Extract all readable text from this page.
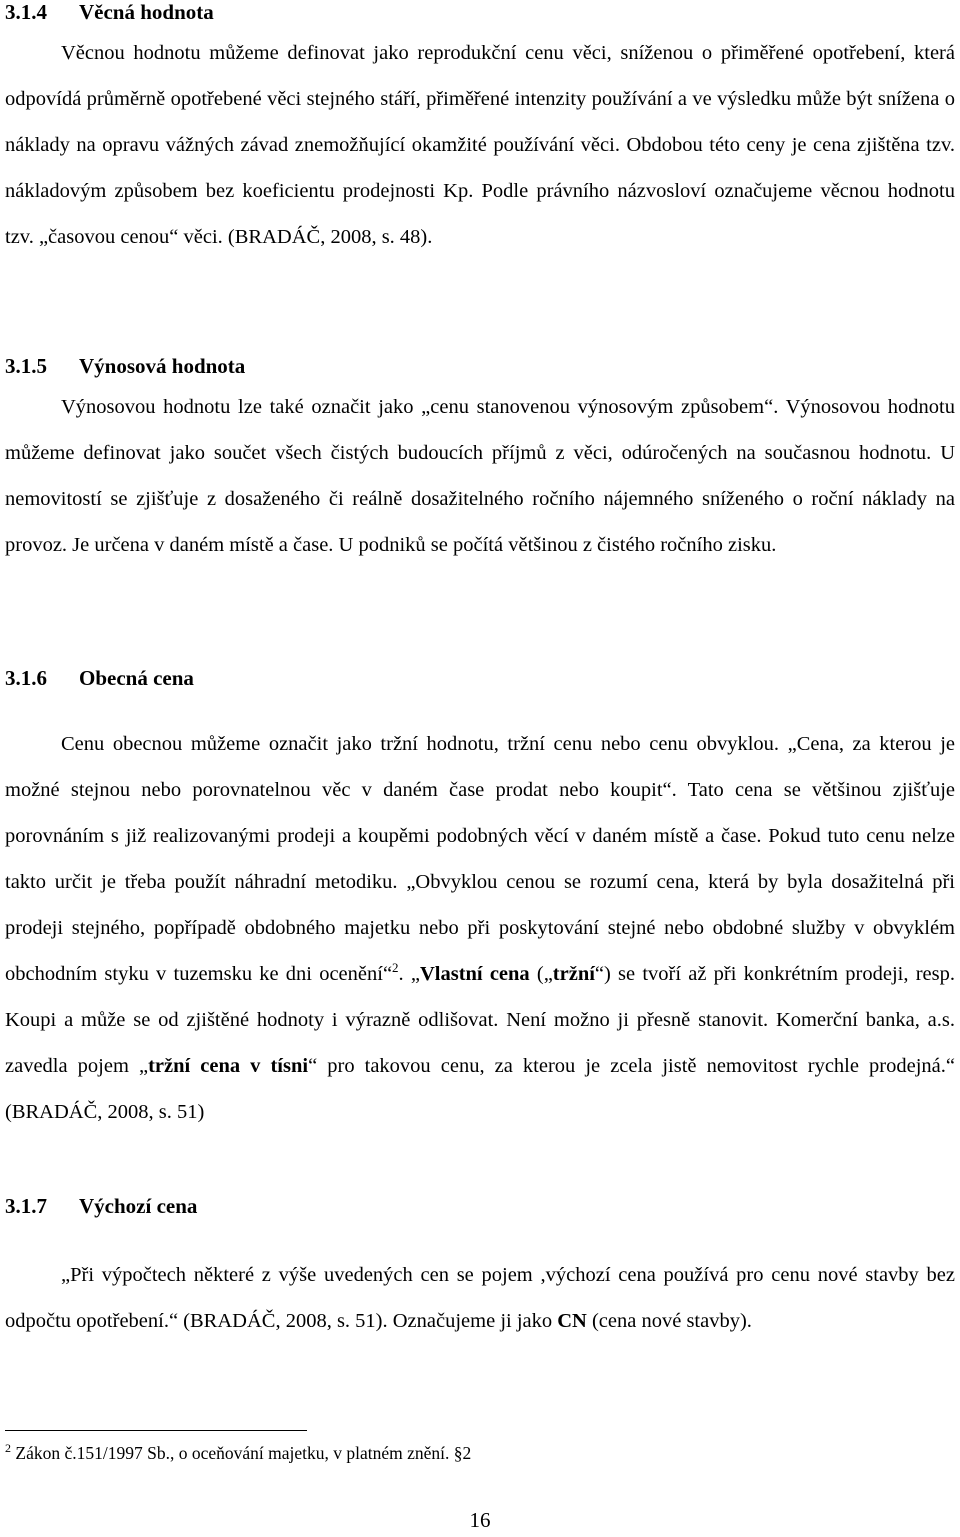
3.1.4 Věcná hodnota

Věcnou hodnotu můžeme definovat jako reprodukční cenu věci, sníženou o přiměřené opotřebení, která odpovídá průměrně opotřebené věci stejného stáří, přiměřené intenzity používání a ve výsledku může být snížena o náklady na opravu vážných závad znemožňující okamžité používání věci. Obdobou této ceny je cena zjištěna tzv. nákladovým způsobem bez koeficientu prodejnosti Kp. Podle právního názvosloví označujeme věcnou hodnotu tzv. „časovou cenou“ věci. (BRADÁČ, 2008, s. 48).

3.1.5 Výnosová hodnota

Výnosovou hodnotu lze také označit jako „cenu stanovenou výnosovým způsobem“. Výnosovou hodnotu můžeme definovat jako součet všech čistých budoucích příjmů z věci, odúročených na současnou hodnotu. U nemovitostí se zjišťuje z dosaženého či reálně dosažitelného ročního nájemného sníženého o roční náklady na provoz. Je určena v daném místě a čase. U podniků se počítá většinou z čistého ročního zisku.

3.1.6 Obecná cena

Cenu obecnou můžeme označit jako tržní hodnotu, tržní cenu nebo cenu obvyklou. „Cena, za kterou je možné stejnou nebo porovnatelnou věc v daném čase prodat nebo koupit“. Tato cena se většinou zjišťuje porovnáním s již realizovanými prodeji a koupěmi podobných věcí v daném místě a čase. Pokud tuto cenu nelze takto určit je třeba použít náhradní metodiku. „Obvyklou cenou se rozumí cena, která by byla dosažitelná při prodeji stejného, popřípadě obdobného majetku nebo při poskytování stejné nebo obdobné služby v obvyklém obchodním styku v tuzemsku ke dni ocenění“$^2$. „Vlastní cena („tržní“) se tvoří až při konkrétním prodeji, resp. Koupi a může se od zjištěné hodnoty i výrazně odlišovat. Není možno ji přesně stanovit. Komerční banka, a.s. zavedla pojem „tržní cena v tísni“ pro takovou cenu, za kterou je zcela jistě nemovitost rychle prodejná.“ (BRADÁČ, 2008, s. 51)

3.1.7 Výchozí cena

„Při výpočtech některé z výše uvedených cen se pojem ,výchozí cena používá pro cenu nové stavby bez odpočtu opotřebení.“ (BRADÁČ, 2008, s. 51). Označujeme ji jako CN (cena nové stavby).

$^2$ Zákon č.151/1997 Sb., o oceňování majetku, v platném znění. §2
16
